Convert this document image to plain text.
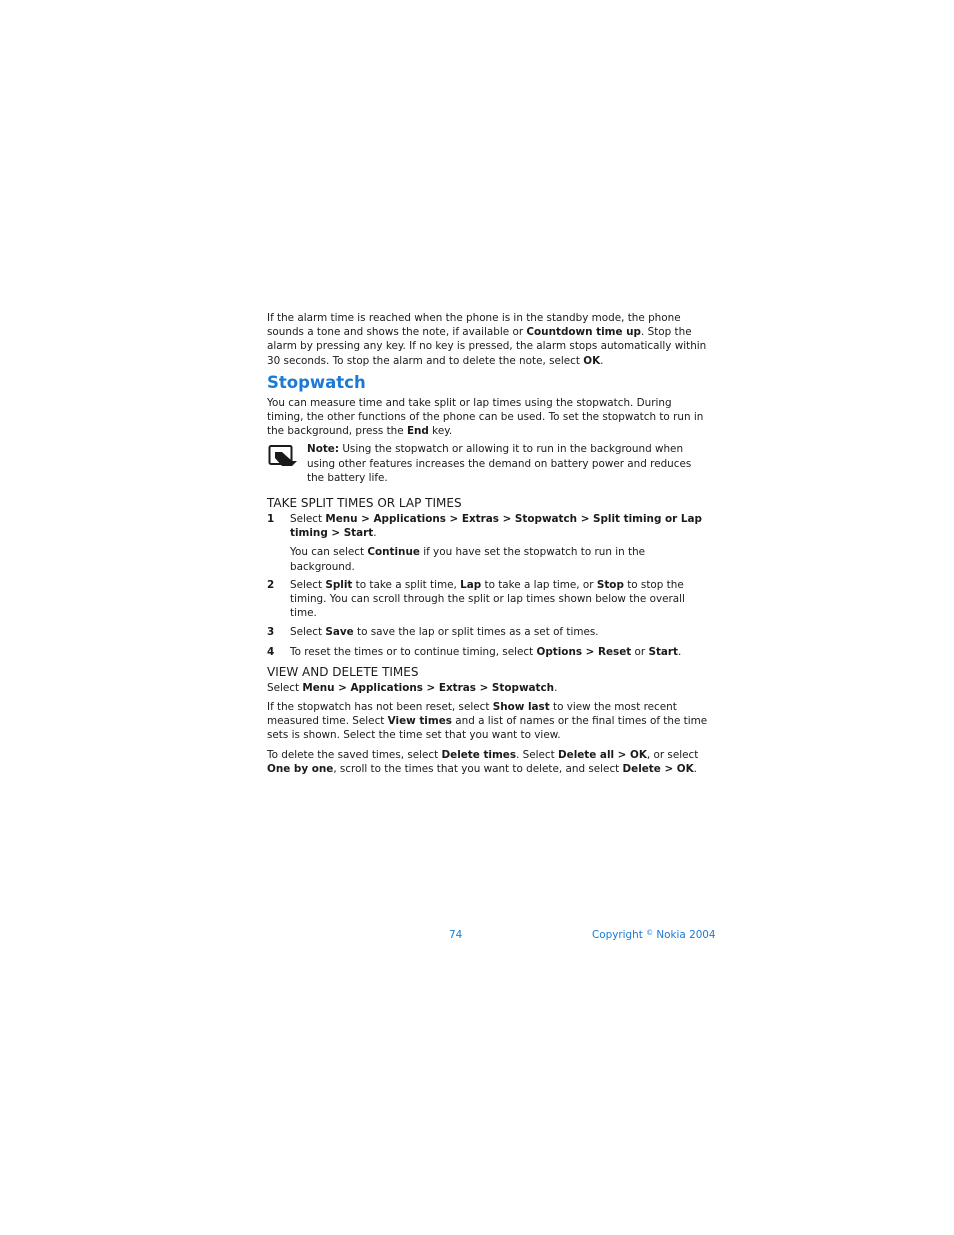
If the alarm time is reached when the phone is in the standby mode, the phone sounds a tone and shows the note, if available or Countdown time up. Stop the alarm by pressing any key. If no key is pressed, the alarm stops automatically within 30 seconds. To stop the alarm and to delete the note, select OK.

Stopwatch

You can measure time and take split or lap times using the stopwatch. During timing, the other functions of the phone can be used. To set the stopwatch to run in the background, press the End key.

Note: Using the stopwatch or allowing it to run in the background when using other features increases the demand on battery power and reduces the battery life.

TAKE SPLIT TIMES OR LAP TIMES
1	Select Menu > Applications > Extras > Stopwatch > Split timing or Lap timing > Start.

You can select Continue if you have set the stopwatch to run in the background.

2	Select Split to take a split time, Lap to take a lap time, or Stop to stop the timing. You can scroll through the split or lap times shown below the overall time.

3	Select Save to save the lap or split times as a set of times.

4	To reset the times or to continue timing, select Options > Reset or Start.

VIEW AND DELETE TIMES

Select Menu > Applications > Extras > Stopwatch.

If the stopwatch has not been reset, select Show last to view the most recent measured time. Select View times and a list of names or the final times of the time sets is shown. Select the time set that you want to view.

To delete the saved times, select Delete times. Select Delete all > OK, or select One by one, scroll to the times that you want to delete, and select Delete > OK.

74	Copyright © Nokia 2004
